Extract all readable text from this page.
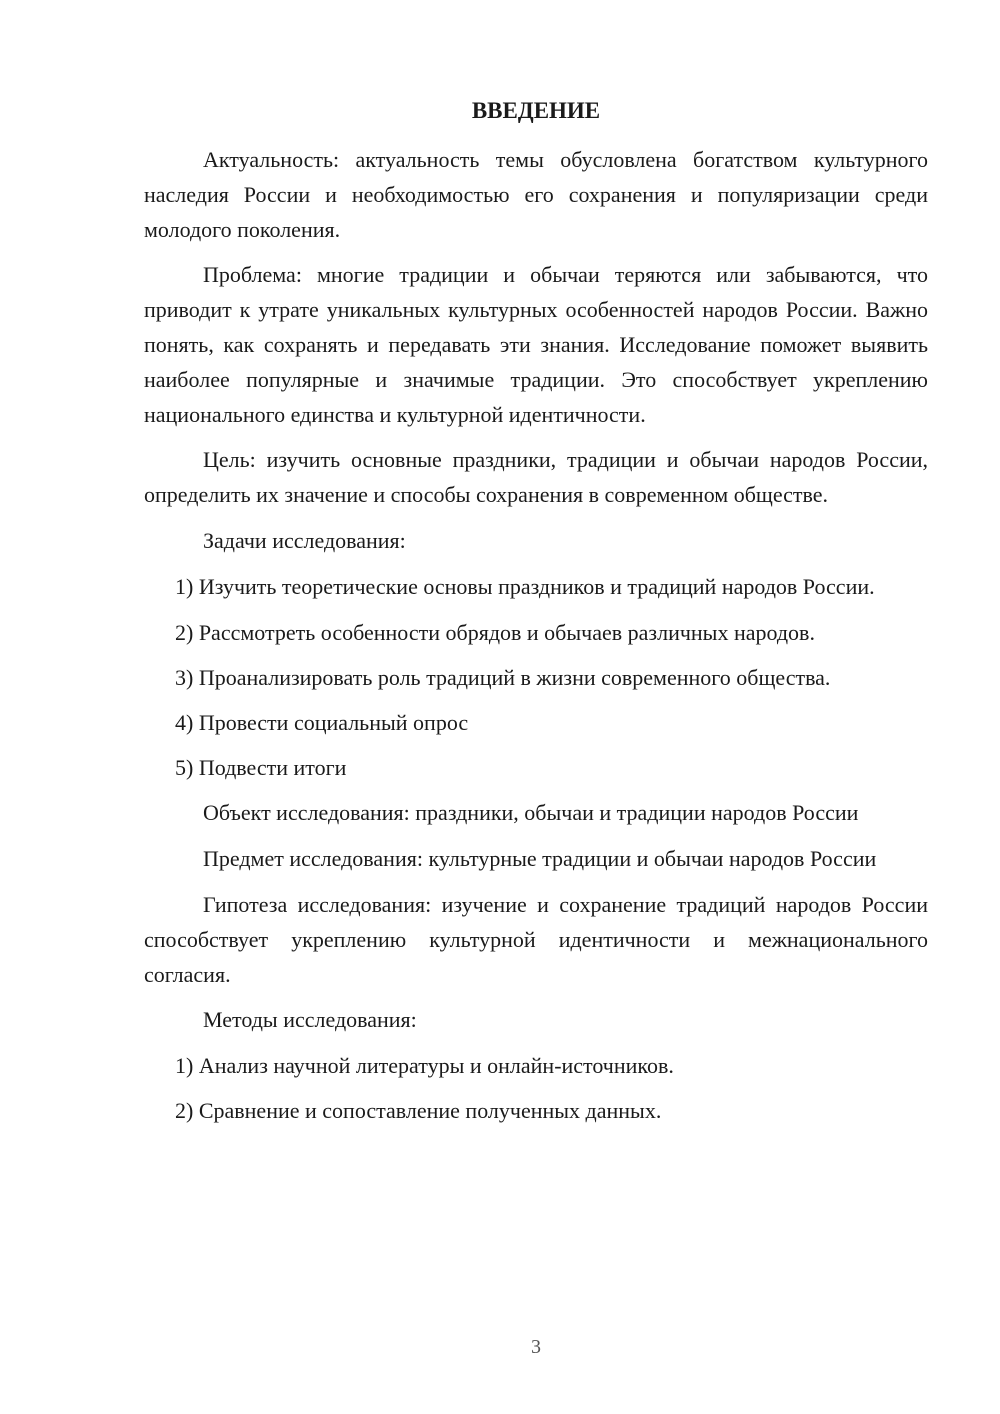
ВВЕДЕНИЕ

Актуальность: актуальность темы обусловлена богатством культурного наследия России и необходимостью его сохранения и популяризации среди молодого поколения.

Проблема: многие традиции и обычаи теряются или забываются, что приводит к утрате уникальных культурных особенностей народов России. Важно понять, как сохранять и передавать эти знания. Исследование поможет выявить наиболее популярные и значимые традиции. Это способствует укреплению национального единства и культурной идентичности.

Цель: изучить основные праздники, традиции и обычаи народов России, определить их значение и способы сохранения в современном обществе.

Задачи исследования:

1) Изучить теоретические основы праздников и традиций народов России.

2) Рассмотреть особенности обрядов и обычаев различных народов.

3) Проанализировать роль традиций в жизни современного общества.

4) Провести социальный опрос

5) Подвести итоги

Объект исследования: праздники, обычаи и традиции народов России

Предмет исследования: культурные традиции и обычаи народов России

Гипотеза исследования: изучение и сохранение традиций народов России способствует укреплению культурной идентичности и межнационального согласия.

Методы исследования:

1) Анализ научной литературы и онлайн-источников.

2) Сравнение и сопоставление полученных данных.

3
